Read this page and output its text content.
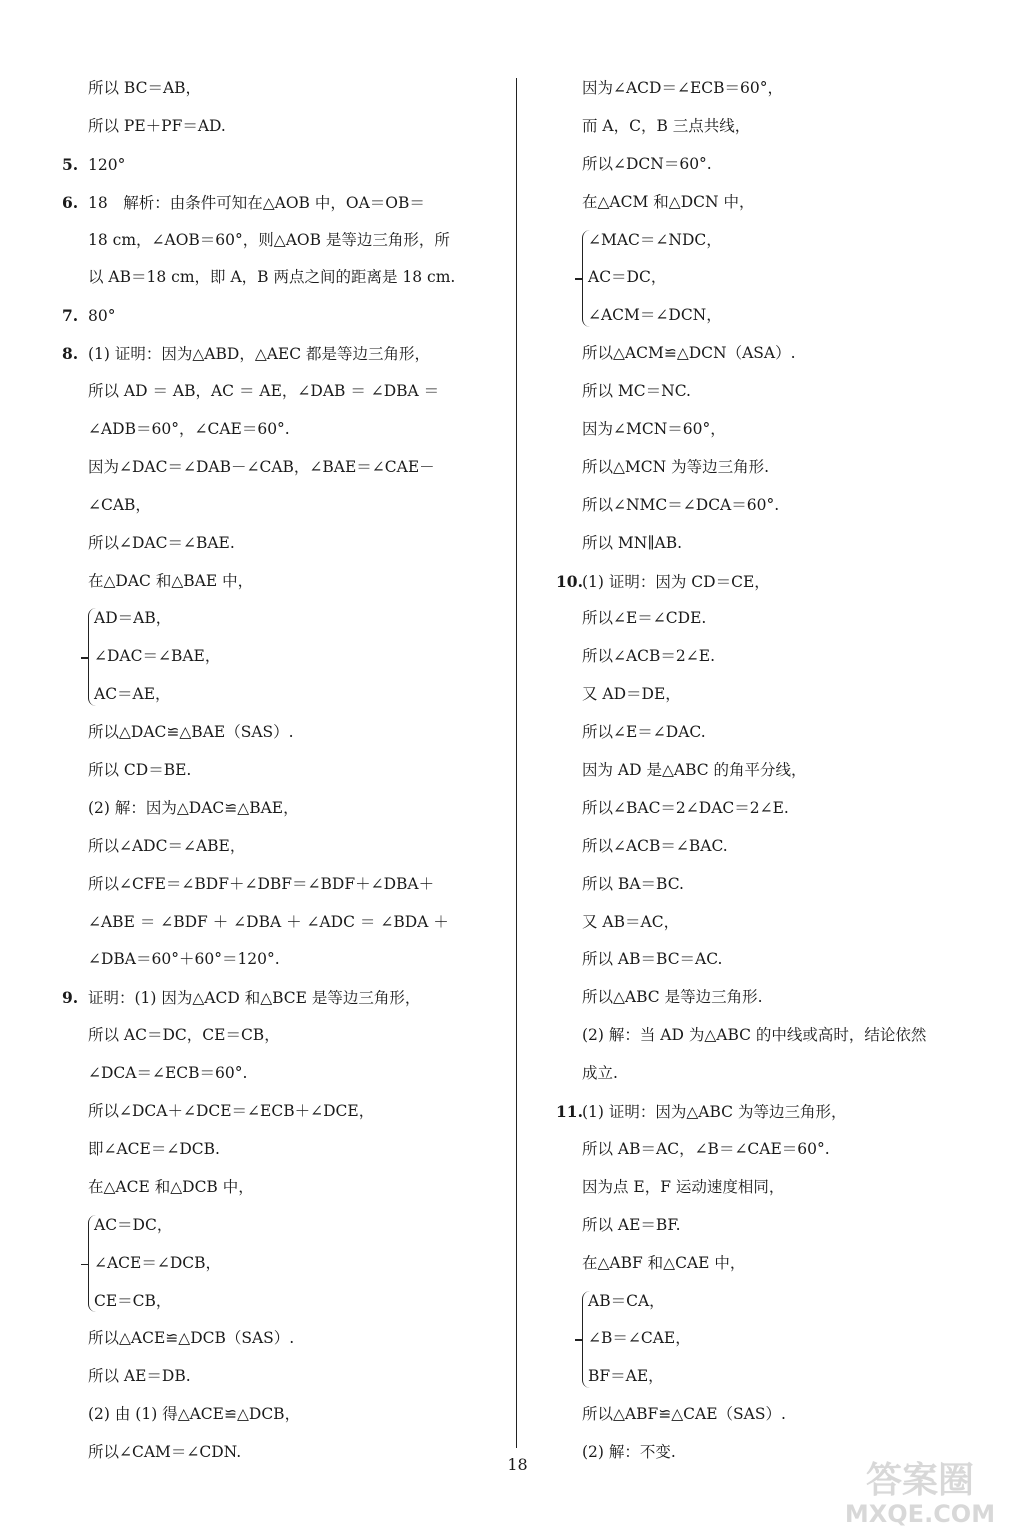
所以 BC＝AB，
所以 PE＋PF＝AD.
5. 120°
6. 18　解析：由条件可知在△AOB 中，OA＝OB＝
18 cm，∠AOB＝60°，则△AOB 是等边三角形，所
以 AB＝18 cm，即 A，B 两点之间的距离是 18 cm.
7. 80°
8. (1) 证明：因为△ABD，△AEC 都是等边三角形，
所以 AD ＝ AB，AC ＝ AE，∠DAB ＝ ∠DBA ＝
∠ADB＝60°，∠CAE＝60°.
因为∠DAC＝∠DAB－∠CAB，∠BAE＝∠CAE－
∠CAB，
所以∠DAC＝∠BAE.
在△DAC 和△BAE 中，
AD＝AB，
∠DAC＝∠BAE，
AC＝AE，
所以△DAC≌△BAE（SAS）.
所以 CD＝BE.
(2) 解：因为△DAC≌△BAE，
所以∠ADC＝∠ABE，
所以∠CFE＝∠BDF＋∠DBF＝∠BDF＋∠DBA＋
∠ABE ＝ ∠BDF ＋ ∠DBA ＋ ∠ADC ＝ ∠BDA ＋
∠DBA＝60°＋60°＝120°.
9. 证明：(1) 因为△ACD 和△BCE 是等边三角形，
所以 AC＝DC，CE＝CB，
∠DCA＝∠ECB＝60°.
所以∠DCA＋∠DCE＝∠ECB＋∠DCE，
即∠ACE＝∠DCB.
在△ACE 和△DCB 中，
AC＝DC，
∠ACE＝∠DCB，
CE＝CB，
所以△ACE≌△DCB（SAS）.
所以 AE＝DB.
(2) 由 (1) 得△ACE≌△DCB，
所以∠CAM＝∠CDN.
因为∠ACD＝∠ECB＝60°，
而 A，C，B 三点共线，
所以∠DCN＝60°.
在△ACM 和△DCN 中，
∠MAC＝∠NDC，
AC＝DC，
∠ACM＝∠DCN，
所以△ACM≌△DCN（ASA）.
所以 MC＝NC.
因为∠MCN＝60°，
所以△MCN 为等边三角形.
所以∠NMC＝∠DCA＝60°.
所以 MN∥AB.
10.(1) 证明：因为 CD＝CE，
所以∠E＝∠CDE.
所以∠ACB＝2∠E.
又 AD＝DE，
所以∠E＝∠DAC.
因为 AD 是△ABC 的角平分线，
所以∠BAC＝2∠DAC＝2∠E.
所以∠ACB＝∠BAC.
所以 BA＝BC.
又 AB＝AC，
所以 AB＝BC＝AC.
所以△ABC 是等边三角形.
(2) 解：当 AD 为△ABC 的中线或高时，结论依然
成立.
11.(1) 证明：因为△ABC 为等边三角形，
所以 AB＝AC，∠B＝∠CAE＝60°.
因为点 E，F 运动速度相同，
所以 AE＝BF.
在△ABF 和△CAE 中，
AB＝CA，
∠B＝∠CAE，
BF＝AE，
所以△ABF≌△CAE（SAS）.
(2) 解：不变.
18	答案圈
MXQE.COM
